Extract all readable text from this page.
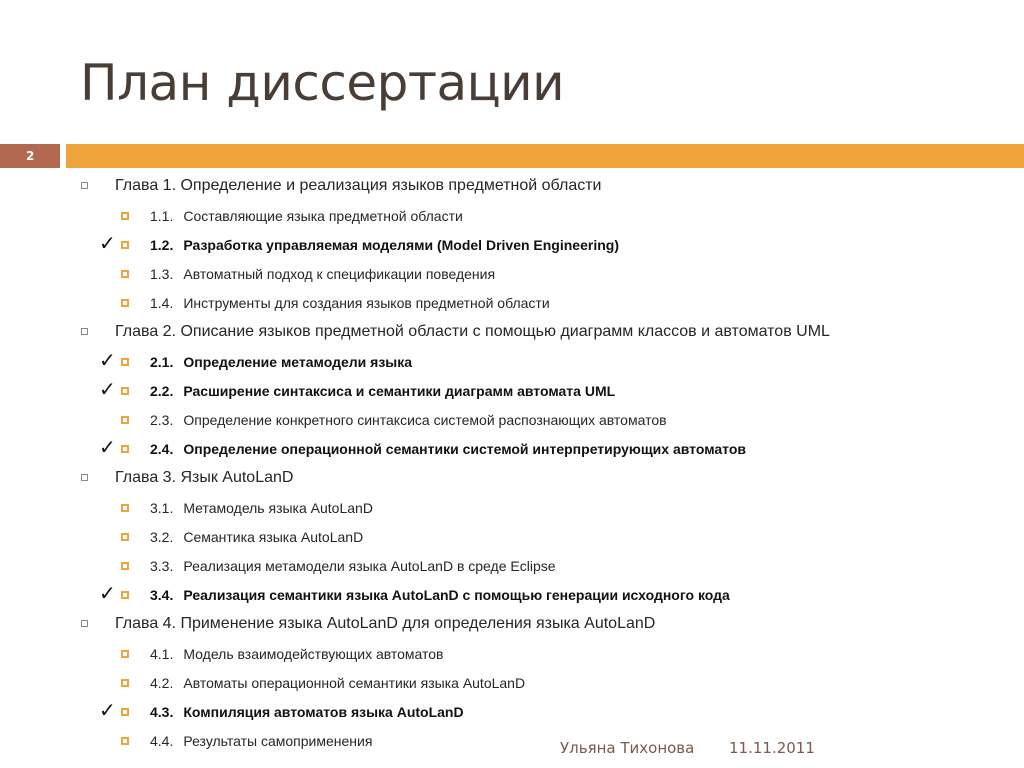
План диссертации
2
Глава 1. Определение и реализация языков предметной области
1.1. Составляющие языка предметной области
✓ 1.2. Разработка управляемая моделями (Model Driven Engineering)
1.3. Автоматный подход к спецификации поведения
1.4. Инструменты для создания языков предметной области
Глава 2. Описание языков предметной области с помощью диаграмм классов и автоматов UML
✓ 2.1. Определение метамодели языка
✓ 2.2. Расширение синтаксиса и семантики диаграмм автомата UML
2.3. Определение конкретного синтаксиса системой распознающих автоматов
✓ 2.4. Определение операционной семантики системой интерпретирующих автоматов
Глава 3. Язык AutoLanD
3.1. Метамодель языка AutoLanD
3.2. Семантика языка AutoLanD
3.3. Реализация метамодели языка AutoLanD в среде Eclipse
✓ 3.4. Реализация семантики языка AutoLanD с помощью генерации исходного кода
Глава 4. Применение языка AutoLanD для определения языка AutoLanD
4.1. Модель взаимодействующих автоматов
4.2. Автоматы операционной семантики языка AutoLanD
✓ 4.3. Компиляция автоматов языка AutoLanD
4.4. Результаты самоприменения	Ульяна Тихонова 11.11.2011
